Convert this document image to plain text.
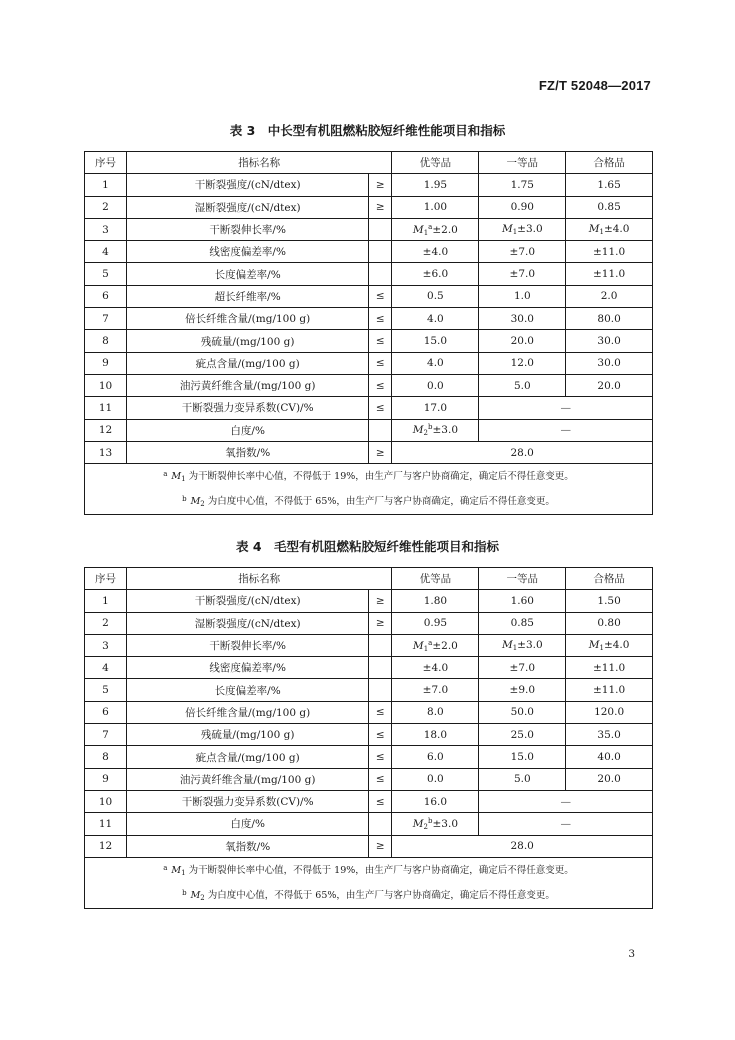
FZ/T 52048—2017
表 3　中长型有机阻燃粘胶短纤维性能项目和指标
序号	指标名称		优等品	一等品	合格品
1	干断裂强度/(cN/dtex)	≥	1.95	1.75	1.65
2	湿断裂强度/(cN/dtex)	≥	1.00	0.90	0.85
3	干断裂伸长率/%		$M_1^a\pm 2.0$	$M_1\pm 3.0$	$M_1\pm 4.0$
4	线密度偏差率/%		±4.0	±7.0	±11.0
5	长度偏差率/%		±6.0	±7.0	±11.0
6	超长纤维率/%	≤	0.5	1.0	2.0
7	倍长纤维含量/(mg/100 g)	≤	4.0	30.0	80.0
8	残硫量/(mg/100 g)	≤	15.0	20.0	30.0
9	疵点含量/(mg/100 g)	≤	4.0	12.0	30.0
10	油污黄纤维含量/(mg/100 g)	≤	0.0	5.0	20.0
11	干断裂强力变异系数(CV)/%	≤	17.0	—	
12	白度/%		$M_2^b\pm 3.0$	—	
13	氧指数/%	≥	28.0		

$^a$ $M_1$ 为干断裂伸长率中心值，不得低于 19%，由生产厂与客户协商确定，确定后不得任意变更。
$^b$ $M_2$ 为白度中心值，不得低于 65%，由生产厂与客户协商确定，确定后不得任意变更。					
表 4　毛型有机阻燃粘胶短纤维性能项目和指标
序号	指标名称		优等品	一等品	合格品
1	干断裂强度/(cN/dtex)	≥	1.80	1.60	1.50
2	湿断裂强度/(cN/dtex)	≥	0.95	0.85	0.80
3	干断裂伸长率/%		$M_1^a\pm 2.0$	$M_1\pm 3.0$	$M_1\pm 4.0$
4	线密度偏差率/%		±4.0	±7.0	±11.0
5	长度偏差率/%		±7.0	±9.0	±11.0
6	倍长纤维含量/(mg/100 g)	≤	8.0	50.0	120.0
7	残硫量/(mg/100 g)	≤	18.0	25.0	35.0
8	疵点含量/(mg/100 g)	≤	6.0	15.0	40.0
9	油污黄纤维含量/(mg/100 g)	≤	0.0	5.0	20.0
10	干断裂强力变异系数(CV)/%	≤	16.0	—	
11	白度/%		$M_2^b\pm 3.0$	—	
12	氧指数/%	≥	28.0		

$^a$ $M_1$ 为干断裂伸长率中心值，不得低于 19%，由生产厂与客户协商确定，确定后不得任意变更。
$^b$ $M_2$ 为白度中心值，不得低于 65%，由生产厂与客户协商确定，确定后不得任意变更。					
3
